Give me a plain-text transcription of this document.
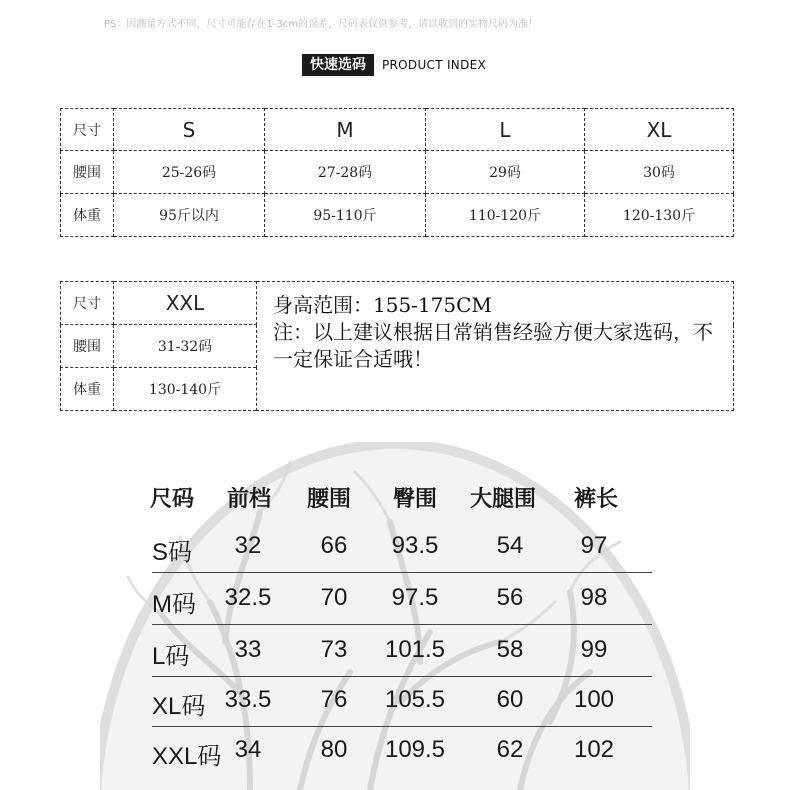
PS：因测量方式不同，尺寸可能存在1-3cm的误差，尺码表仅供参考，请以收到的实物尺码为准！
快速选码	PRODUCT INDEX
尺寸	S	M	L	XL
腰围	25-26码	27-28码	29码	30码
体重	95斤以内	95-110斤	110-120斤	120-130斤
尺寸	XXL	身高范围：155-175CM
注：以上建议根据日常销售经验方便大家选码，不一定保证合适哦！

腰围	31-32码	
体重	130-140斤	
尺码 前档 腰围 臀围 大腿围 裤长
S码	32	66	93.5	54	97
M码	32.5	70	97.5	56	98
L码	33	73	101.5	58	99
XL码 33.5	76	105.5	60	100
XXL码 34	80	109.5	62	102
